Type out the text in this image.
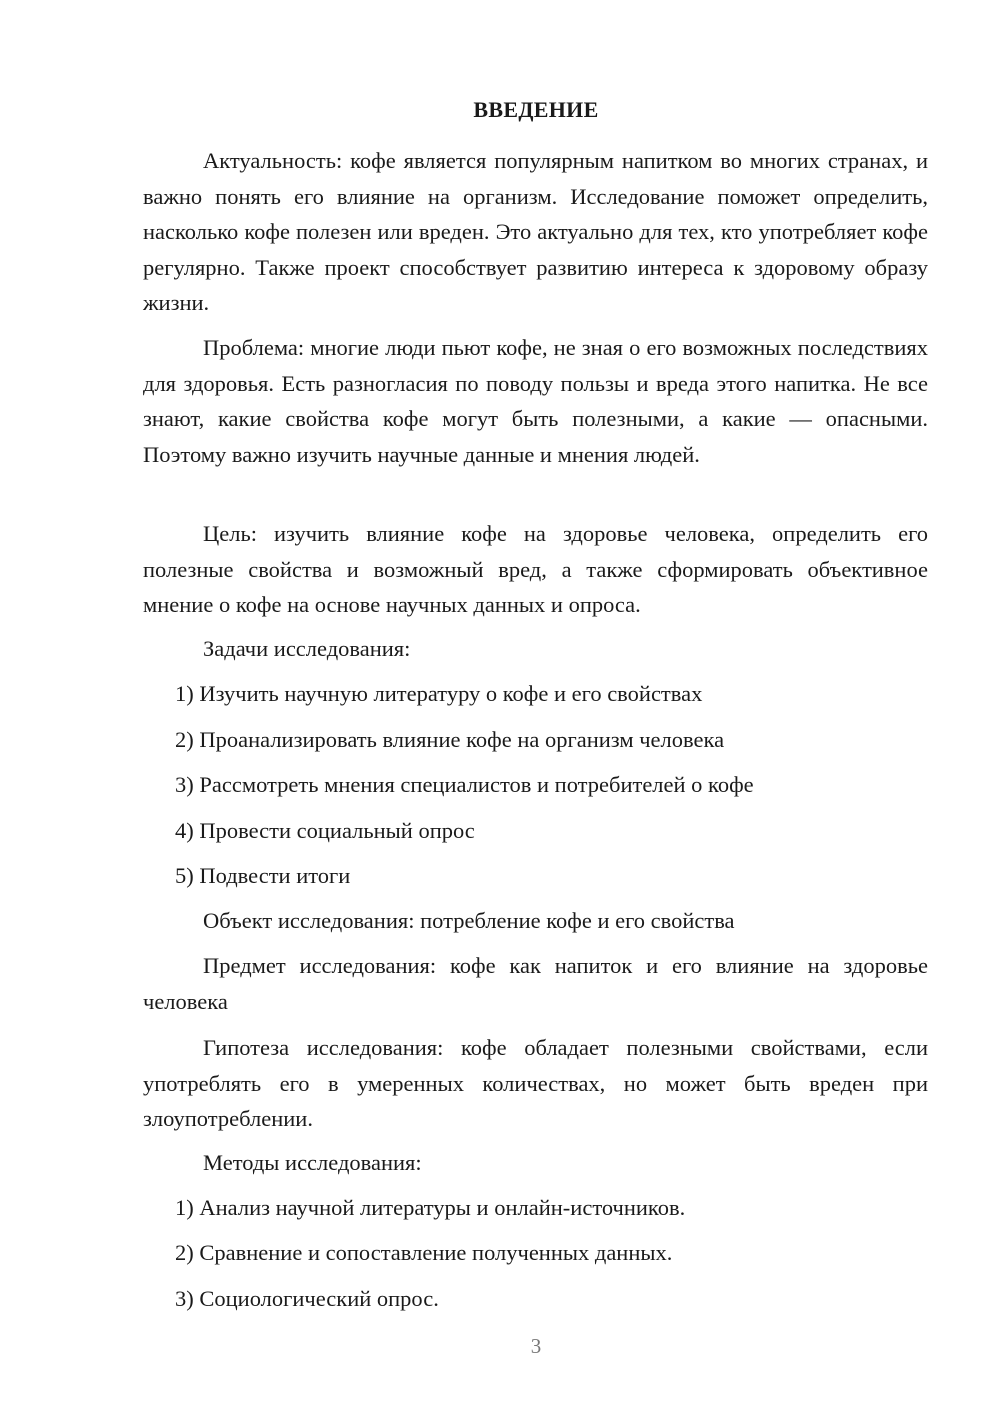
ВВЕДЕНИЕ

Актуальность: кофе является популярным напитком во многих странах, и важно понять его влияние на организм. Исследование поможет определить, насколько кофе полезен или вреден. Это актуально для тех, кто употребляет кофе регулярно. Также проект способствует развитию интереса к здоровому образу жизни.

Проблема: многие люди пьют кофе, не зная о его возможных последствиях для здоровья. Есть разногласия по поводу пользы и вреда этого напитка. Не все знают, какие свойства кофе могут быть полезными, а какие — опасными. Поэтому важно изучить научные данные и мнения людей.

Цель: изучить влияние кофе на здоровье человека, определить его полезные свойства и возможный вред, а также сформировать объективное мнение о кофе на основе научных данных и опроса.

Задачи исследования:

1) Изучить научную литературу о кофе и его свойствах

2) Проанализировать влияние кофе на организм человека

3) Рассмотреть мнения специалистов и потребителей о кофе

4) Провести социальный опрос

5) Подвести итоги

Объект исследования: потребление кофе и его свойства

Предмет исследования: кофе как напиток и его влияние на здоровье человека

Гипотеза исследования: кофе обладает полезными свойствами, если употреблять его в умеренных количествах, но может быть вреден при злоупотреблении.

Методы исследования:

1) Анализ научной литературы и онлайн-источников.

2) Сравнение и сопоставление полученных данных.

3) Социологический опрос.

3
